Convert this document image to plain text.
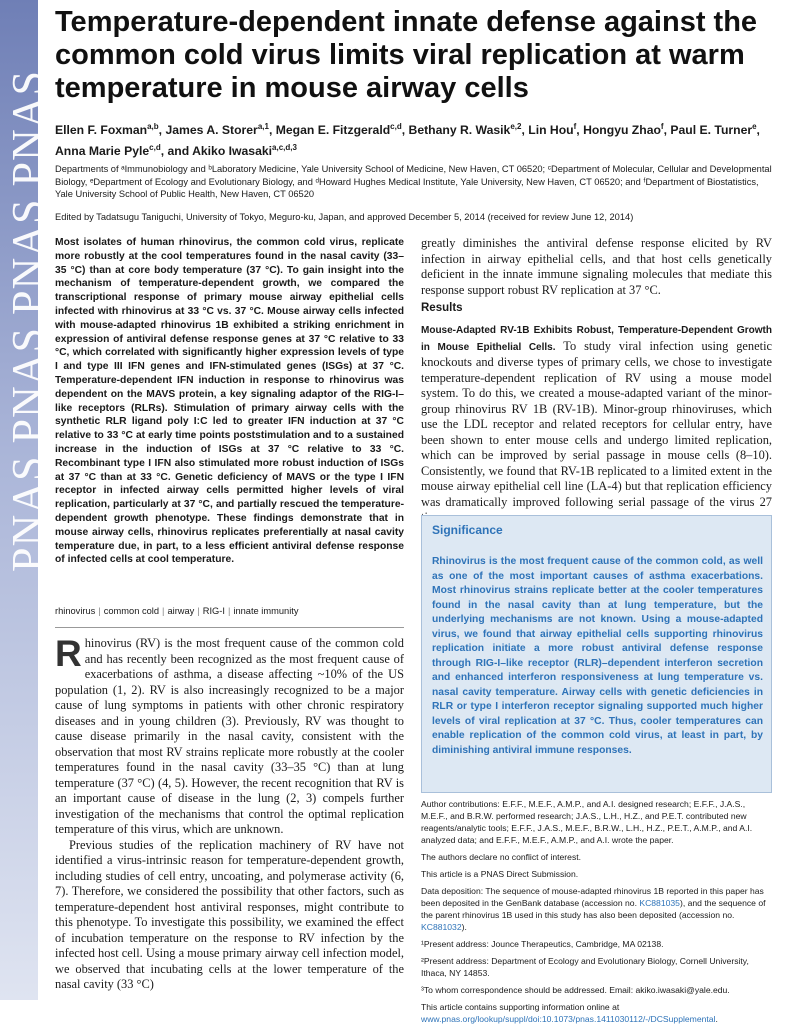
PNAS PNAS PNAS PNAS
Temperature-dependent innate defense against the common cold virus limits viral replication at warm temperature in mouse airway cells
Ellen F. Foxman$^{a,b}$, James A. Storer$^{a,1}$, Megan E. Fitzgerald$^{c,d}$, Bethany R. Wasik$^{e,2}$, Lin Hou$^f$, Hongyu Zhao$^f$, Paul E. Turner$^e$, Anna Marie Pyle$^{c,d}$, and Akiko Iwasaki$^{a,c,d,3}$
Departments of ᵃImmunobiology and ᵇLaboratory Medicine, Yale University School of Medicine, New Haven, CT 06520; ᶜDepartment of Molecular, Cellular and Developmental Biology, ᵉDepartment of Ecology and Evolutionary Biology, and ᵈHoward Hughes Medical Institute, Yale University, New Haven, CT 06520; and ᶠDepartment of Biostatistics, Yale University School of Public Health, New Haven, CT 06520
Edited by Tadatsugu Taniguchi, University of Tokyo, Meguro-ku, Japan, and approved December 5, 2014 (received for review June 12, 2014)
Most isolates of human rhinovirus, the common cold virus, replicate more robustly at the cool temperatures found in the nasal cavity (33–35 °C) than at core body temperature (37 °C). To gain insight into the mechanism of temperature-dependent growth, we compared the transcriptional response of primary mouse airway epithelial cells infected with rhinovirus at 33 °C vs. 37 °C. Mouse airway cells infected with mouse-adapted rhinovirus 1B exhibited a striking enrichment in expression of antiviral defense response genes at 37 °C relative to 33 °C, which correlated with significantly higher expression levels of type I and type III IFN genes and IFN-stimulated genes (ISGs) at 37 °C. Temperature-dependent IFN induction in response to rhinovirus was dependent on the MAVS protein, a key signaling adaptor of the RIG-I–like receptors (RLRs). Stimulation of primary airway cells with the synthetic RLR ligand poly I:C led to greater IFN induction at 37 °C relative to 33 °C at early time points poststimulation and to a sustained increase in the induction of ISGs at 37 °C relative to 33 °C. Recombinant type I IFN also stimulated more robust induction of ISGs at 37 °C than at 33 °C. Genetic deficiency of MAVS or the type I IFN receptor in infected airway cells permitted higher levels of viral replication, particularly at 37 °C, and partially rescued the temperature-dependent growth phenotype. These findings demonstrate that in mouse airway cells, rhinovirus replicates preferentially at nasal cavity temperature due, in part, to a less efficient antiviral defense response of infected cells at cool temperature.
rhinovirus | common cold | airway | RIG-I | innate immunity

Rhinovirus (RV) is the most frequent cause of the common cold and has recently been recognized as the most frequent cause of exacerbations of asthma, a disease affecting ~10% of the US population (1, 2). RV is also increasingly recognized to be a major cause of lung symptoms in patients with other chronic respiratory diseases and in young children (3). Previously, RV was thought to cause disease primarily in the nasal cavity, consistent with the observation that most RV strains replicate more robustly at the cooler temperatures found in the nasal cavity (33–35 °C) than at lung temperature (37 °C) (4, 5). However, the recent recognition that RV is an important cause of disease in the lung (2, 3) compels further investigation of the mechanisms that control the optimal replication temperature of this virus, which are unknown.

Previous studies of the replication machinery of RV have not identified a virus-intrinsic reason for temperature-dependent growth, including studies of cell entry, uncoating, and polymerase activity (6, 7). Therefore, we considered the possibility that other factors, such as temperature-dependent host antiviral responses, might contribute to this phenotype. To investigate this possibility, we examined the effect of incubation temperature on the response to RV infection by the infected host cell. Using a mouse primary airway cell infection model, we observed that incubating cells at the lower temperature of the nasal cavity (33 °C)

greatly diminishes the antiviral defense response elicited by RV infection in airway epithelial cells, and that host cells genetically deficient in the innate immune signaling molecules that mediate this response support robust RV replication at 37 °C.
Results
Mouse-Adapted RV-1B Exhibits Robust, Temperature-Dependent Growth in Mouse Epithelial Cells. To study viral infection using genetic knockouts and diverse types of primary cells, we chose to investigate temperature-dependent replication of RV using a mouse model system. To do this, we created a mouse-adapted variant of the minor-group rhinovirus RV 1B (RV-1B). Minor-group rhinoviruses, which use the LDL receptor and related receptors for cellular entry, have been shown to enter mouse cells and undergo limited replication, which can be improved by serial passage in mouse cells (8–10). Consistently, we found that RV-1B replicated to a limited extent in the mouse airway epithelial cell line (LA-4) but that replication efficiency was dramatically improved following serial passage of the virus 27
Significance
Rhinovirus is the most frequent cause of the common cold, as well as one of the most important causes of asthma exacerbations. Most rhinovirus strains replicate better at the cooler temperatures found in the nasal cavity than at lung temperature, but the underlying mechanisms are not known. Using a mouse-adapted virus, we found that airway epithelial cells supporting rhinovirus replication initiate a more robust antiviral defense response through RIG-I–like receptor (RLR)–dependent interferon secretion and enhanced interferon responsiveness at lung temperature vs. nasal cavity temperature. Airway cells with genetic deficiencies in RLR or type I interferon receptor signaling supported much higher levels of viral replication at 37 °C. Thus, cooler temperatures can enable replication of the common cold virus, at least in part, by diminishing antiviral immune responses.

Author contributions: E.F.F., M.E.F., A.M.P., and A.I. designed research; E.F.F., J.A.S., M.E.F., and B.R.W. performed research; J.A.S., L.H., H.Z., and P.E.T. contributed new reagents/analytic tools; E.F.F., J.A.S., M.E.F., B.R.W., L.H., H.Z., P.E.T., A.M.P., and A.I. analyzed data; and E.F.F., M.E.F., A.M.P., and A.I. wrote the paper.

The authors declare no conflict of interest.

This article is a PNAS Direct Submission.

Data deposition: The sequence of mouse-adapted rhinovirus 1B reported in this paper has been deposited in the GenBank database (accession no. KC881035), and the sequence of the parent rhinovirus 1B used in this study has also been deposited (accession no. KC881032).

¹Present address: Jounce Therapeutics, Cambridge, MA 02138.

²Present address: Department of Ecology and Evolutionary Biology, Cornell University, Ithaca, NY 14853.

³To whom correspondence should be addressed. Email: akiko.iwasaki@yale.edu.

This article contains supporting information online at www.pnas.org/lookup/suppl/doi:10.1073/pnas.1411030112/-/DCSupplemental.
